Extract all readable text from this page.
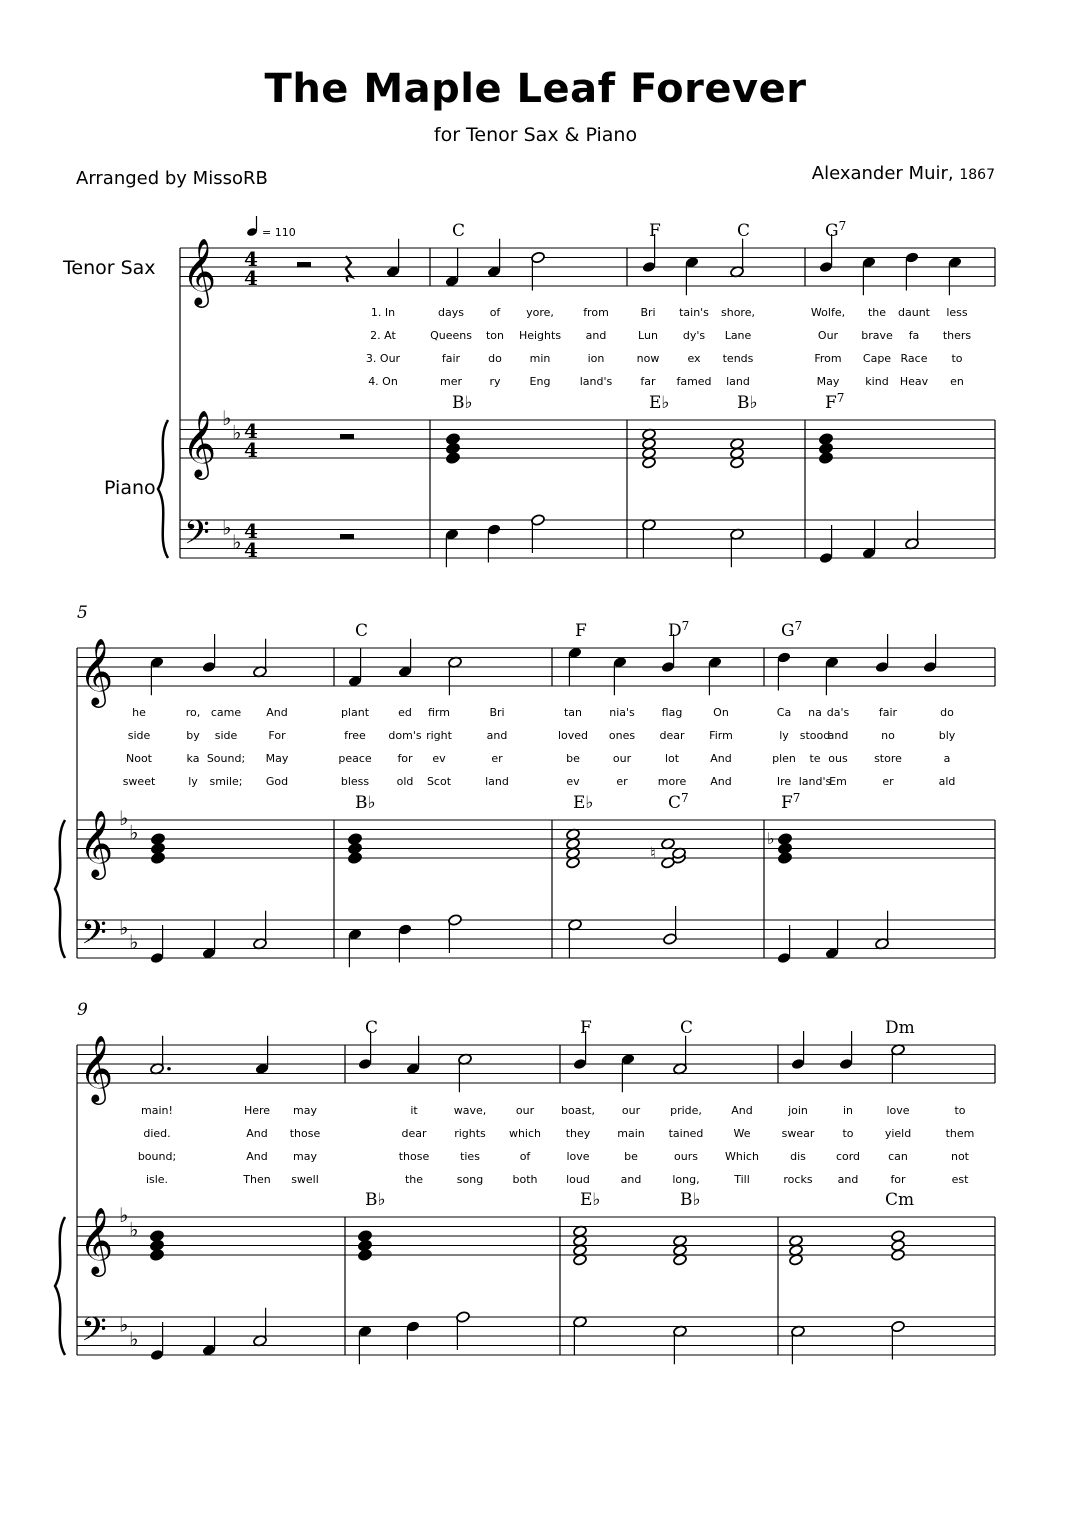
The Maple Leaf Forever
for Tenor Sax & Piano
Arranged by MissoRB	Alexander Muir, 1867
Tenor Sax
Piano
𝄞
𝄞
𝄢
♭
♭
♭
♭
4
4
4
4
4
4
C	F	C	$G^7$
B♭	E♭	B♭	$F^7$
𝄞
𝄞
𝄢
♭
♭
♭
♭
5
C	F	$D^7$	$G^7$
B♭	E♭	$C^7$	$F^7$
𝄞
𝄞
𝄢
♭
♭
♭
♭
9
C	F	C	Dm
B♭	E♭	B♭	Cm
= 110
1. In	days of yore,	from	Bri tain's shore,	Wolfe, the daunt less
2. At	Queens ton Heights and	Lun dy's Lane	Our brave fa thers
3. Our	fair	do	min	ion	now	ex tends	From Cape Race to
4. On	mer ry	Eng	land's	far famed land	May kind Heav en
♮
♭
he	ro, came And	plant	ed firm	Bri	tan nia's flag	On	Ca na da's	fair	do
side	by side	For	free dom's right	and	loved ones dear Firm	ly stood
and	no	bly
Noot	ka Sound; May	peace for ev	er	be	our	lot	And	plen te ous store	a
sweet	ly smile; God	bless old Scot	land	ev	er	more And	Ire land's
Em	er	ald
main!	Here may	it	wave,	our boast, our	pride,	And	join	in	love	to
died.	And those	dear	rights which they main tained	We	swear	to	yield	them
bound;	And may	those	ties	of	love	be	ours Which	dis	cord	can	not
isle.	Then swell	the	song	both	loud	and	long,	Till	rocks and	for	est
